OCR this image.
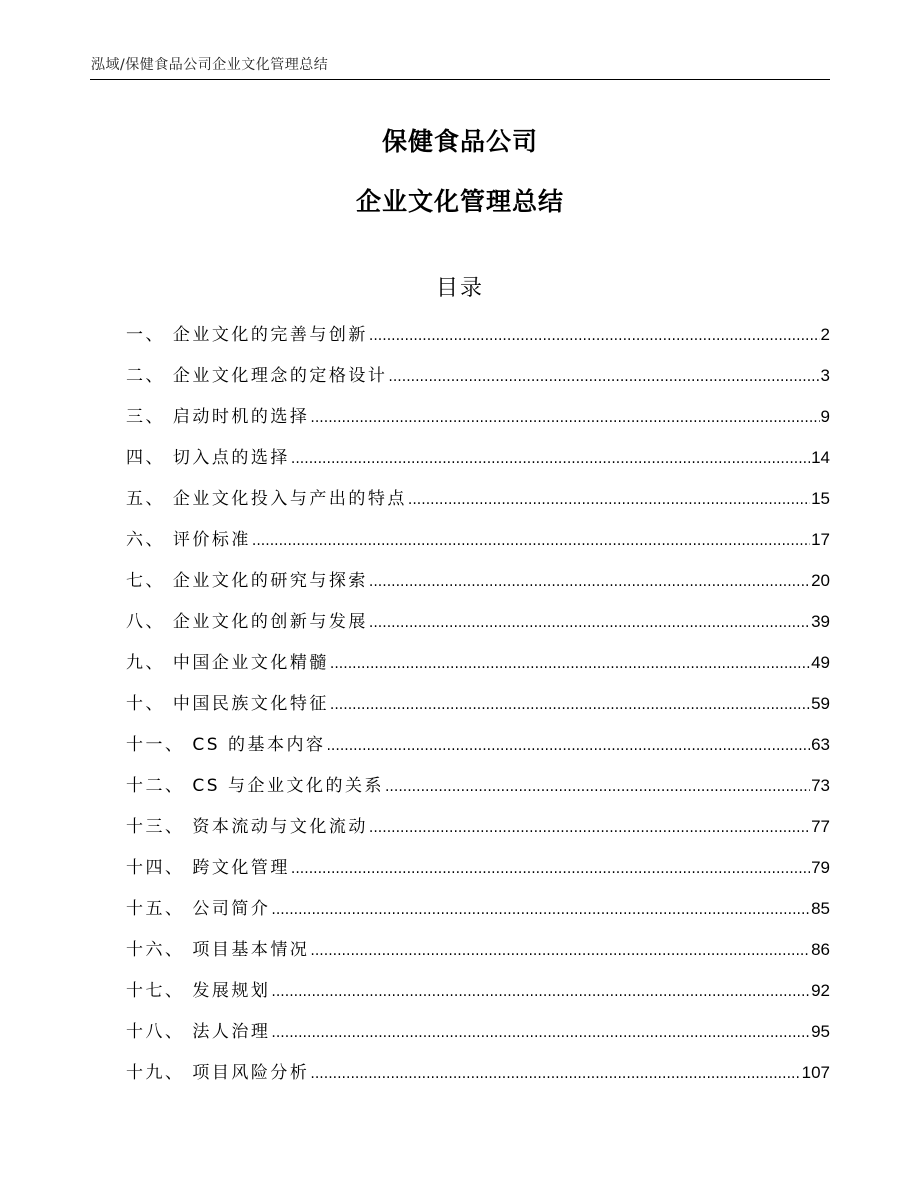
泓域/保健食品公司企业文化管理总结
保健食品公司
企业文化管理总结
目录
一、 企业文化的完善与创新 .....	2
二、 企业文化理念的定格设计 .....	3
三、 启动时机的选择 .....	9
四、 切入点的选择 .....	14
五、 企业文化投入与产出的特点 .....	15
六、 评价标准 .....	17
七、 企业文化的研究与探索 .....	20
八、 企业文化的创新与发展 .....	39
九、 中国企业文化精髓 .....	49
十、 中国民族文化特征 .....	59
十一、 CS 的基本内容 .....	63
十二、 CS 与企业文化的关系 .....	73
十三、 资本流动与文化流动 .....	77
十四、 跨文化管理 .....	79
十五、 公司简介 .....	85
十六、 项目基本情况 .....	86
十七、 发展规划 .....	92
十八、 法人治理 .....	95
十九、 项目风险分析 .....	107
